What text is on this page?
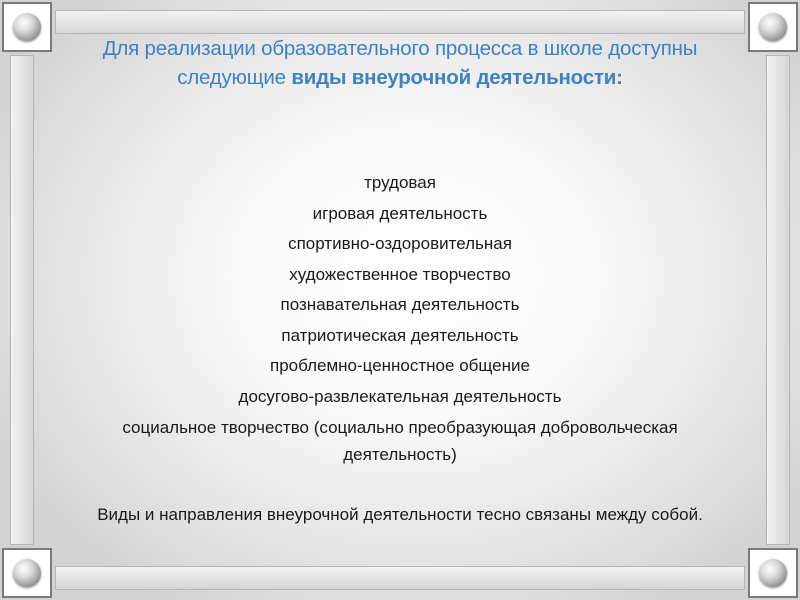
Для реализации образовательного процесса в школе доступны
следующие виды внеурочной деятельности:
трудовая
игровая деятельность
спортивно-оздоровительная
художественное творчество
познавательная деятельность
патриотическая деятельность
проблемно-ценностное общение
досугово-развлекательная деятельность
социальное творчество (социально преобразующая добровольческая деятельность)
Виды и направления внеурочной деятельности тесно связаны между собой.
